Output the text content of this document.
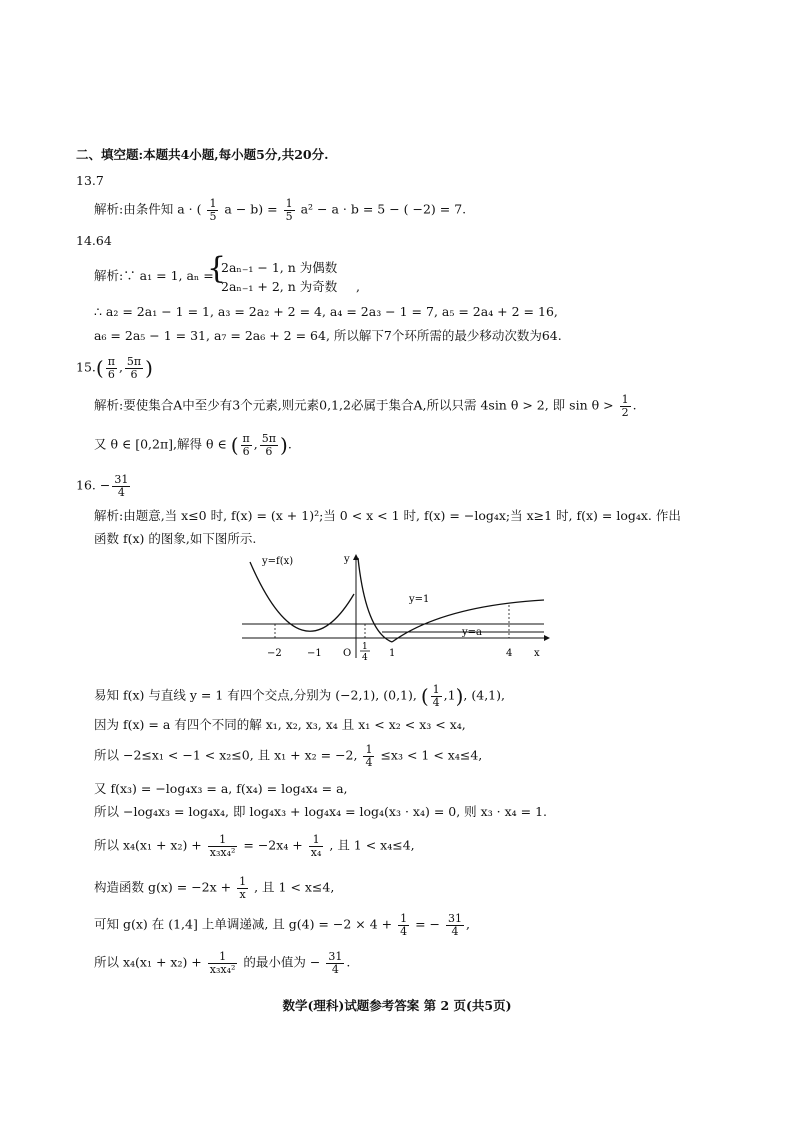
二、填空题:本题共4小题,每小题5分,共20分.
13.7
解析:由条件知 a · ( $\frac{1}{5}$ $a - b) = \frac{1}{5} a^2 - a \cdot b = 5$ − ( −2) = 7.
14.64
解析:∵ a₁ = 1, aₙ =
{
2aₙ₋₁ − 1, n 为偶数
2aₙ₋₁ + 2, n 为奇数 ,
∴ a₂ = 2a₁ − 1 = 1, a₃ = 2a₂ + 2 = 4, a₄ = 2a₃ − 1 = 7, a₅ = 2a₄ + 2 = 16,
a₆ = 2a₅ − 1 = 31, a₇ = 2a₆ + 2 = 64, 所以解下7个环所需的最少移动次数为64.
$15.( \frac{\pi}{6}$ , $\frac{5\pi}{6}$ )
解析:要使集合A中至少有3个元素,则元素0,1,2必属于集合A,所以只需 4sin θ > 2, 即 $\sin \theta > \frac{1}{2}$ .
又 θ ∈ [0,2π],解得 θ ∈ ( $\frac{\pi}{6}$ , $\frac{5\pi}{6}$ ).
16. − $\frac{31}{4}$
解析:由题意,当 x≤0 时, f(x) = (x + 1)²;当 0 < x < 1 时, f(x) = −log₄x;当 x≥1 时, f(x) = log₄x. 作出
函数 f(x) 的图象,如下图所示.
y=f(x)	y
y=1
y=a
x
O
−2	−1	1	4
1
4
易知 f(x) 与直线 y = 1 有四个交点,分别为 (−2,1), (0,1), ( $\frac{1}{4} ,1$), (4,1),
因为 f(x) = a 有四个不同的解 x₁, x₂, x₃, x₄ 且 x₁ < x₂ < x₃ < x₄,
所以 −2≤x₁ < −1 < x₂≤0, 且 x₁ + x₂ = −2, $\frac{1}{4} \le x_3 < 1 < x_4\le 4$,
又 f(x₃) = −log₄x₃ = a, f(x₄) = log₄x₄ = a,
所以 −log₄x₃ = log₄x₄, 即 log₄x₃ + log₄x₄ = log₄(x₃ · x₄) = 0, 则 x₃ · x₄ = 1.
所以 $x_4(x_1 + x_2) + \frac{1}{\text{x₃x₄²}} = -2x_4 + \frac{1}{\text{x₄}}$ , 且 1 < x₄≤4,
构造函数 $g(x) = -2x + \frac{1}{x}$ , 且 1 < x≤4,
可知 g(x) 在 (1,4] 上单调递减, 且 $g(4) = -2 \times 4 + \frac{1}{4}$ = − $\frac{31}{4}$ ,
所以 $x_4(x_1 + x_2) + \frac{1}{\text{x₃x₄²}}$ 的最小值为 − $\frac{31}{4}$ .
数学(理科)试题参考答案 第 2 页(共5页)
